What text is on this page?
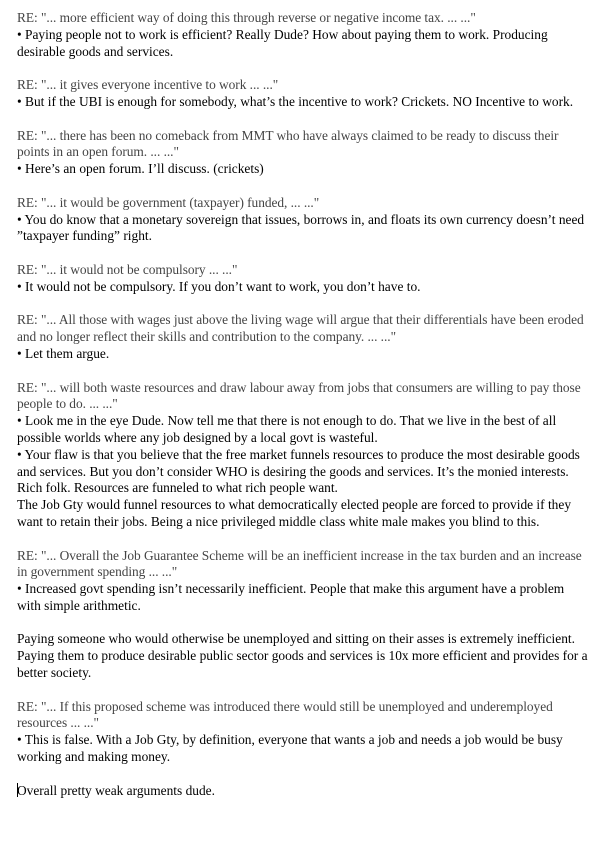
RE: "... more efficient way of doing this through reverse or negative income tax. ... ..."
• Paying people not to work is efficient? Really Dude? How about paying them to work. Producing desirable goods and services.
RE: "... it gives everyone incentive to work ... ..."
• But if the UBI is enough for somebody, what’s the incentive to work? Crickets. NO Incentive to work.
RE: "... there has been no comeback from MMT who have always claimed to be ready to discuss their points in an open forum. ... ..."
• Here’s an open forum. I’ll discuss. (crickets)
RE: "... it would be government (taxpayer) funded, ... ..."
• You do know that a monetary sovereign that issues, borrows in, and floats its own currency doesn’t need ”taxpayer funding” right.
RE: "... it would not be compulsory ... ..."
• It would not be compulsory. If you don’t want to work, you don’t have to.
RE: "... All those with wages just above the living wage will argue that their differentials have been eroded and no longer reflect their skills and contribution to the company. ... ..."
• Let them argue.
RE: "... will both waste resources and draw labour away from jobs that consumers are willing to pay those people to do. ... ..."
• Look me in the eye Dude. Now tell me that there is not enough to do. That we live in the best of all possible worlds where any job designed by a local govt is wasteful.
• Your flaw is that you believe that the free market funnels resources to produce the most desirable goods and services. But you don’t consider WHO is desiring the goods and services. It’s the monied interests. Rich folk. Resources are funneled to what rich people want.
The Job Gty would funnel resources to what democratically elected people are forced to provide if they want to retain their jobs. Being a nice privileged middle class white male makes you blind to this.
RE: "... Overall the Job Guarantee Scheme will be an inefficient increase in the tax burden and an increase in government spending ... ..."
• Increased govt spending isn’t necessarily inefficient. People that make this argument have a problem with simple arithmetic.
Paying someone who would otherwise be unemployed and sitting on their asses is extremely inefficient. Paying them to produce desirable public sector goods and services is 10x more efficient and provides for a better society.
RE: "... If this proposed scheme was introduced there would still be unemployed and underemployed resources ... ..."
• This is false. With a Job Gty, by definition, everyone that wants a job and needs a job would be busy working and making money.
Overall pretty weak arguments dude.
